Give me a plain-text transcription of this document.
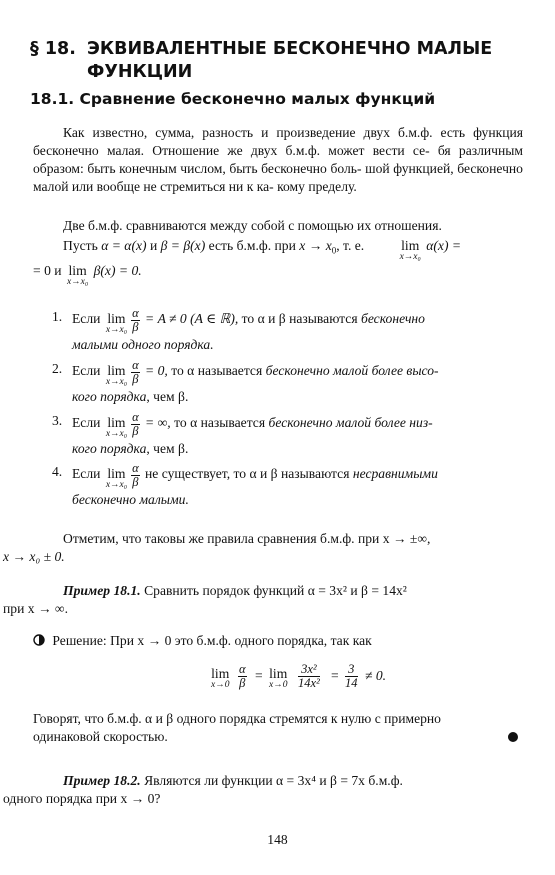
§ 18. ЭКВИВАЛЕНТНЫЕ БЕСКОНЕЧНО МАЛЫЕ
ФУНКЦИИ
18.1. Сравнение бесконечно малых функций
Как известно, сумма, разность и произведение двух б.м.ф. есть функция бесконечно малая. Отношение же двух б.м.ф. может вести се- бя различным образом: быть конечным числом, быть бесконечно боль- шой функцией, бесконечно малой или вообще не стремиться ни к ка- кому пределу.
Две б.м.ф. сравниваются между собой с помощью их отношения.
Пусть α = α(x) и β = β(x) есть б.м.ф. при $x \to x_0$, т. е.	lim
x→x₀
α(x) =
= 0 и lim
x→x₀
β(x) = 0.
1. Если lim
$x\to x_0 \frac{\alpha}{\beta} = A \ne 0$ (A ∈ ℝ), то α и β называются бесконечно
малыми одного порядка.
2. Если lim
$x\to x_0 \frac{\alpha}{\beta} = 0$, то α называется бесконечно малой более высо-
кого порядка, чем β.
3. Если lim
$x\to x_0 \frac{\alpha}{\beta}$ = ∞, то α называется бесконечно малой более низ-
кого порядка, чем β.
4. Если lim
$x\to x_0 \frac{\alpha}{\beta}$ не существует, то α и β называются несравнимыми
бесконечно малыми.
Отметим, что таковы же правила сравнения б.м.ф. при x → ±∞,
x → x₀ ± 0.
Пример 18.1. Сравнить порядок функций α = 3x² и β = 14x²
при x → ∞.
Решение: При x → 0 это б.м.ф. одного порядка, так как
lim
$x\to 0 \frac{\alpha}{\beta} = \lim$
$x\to 0 \frac{\text{3x²}}{\text{14x²}} = \frac{3}{14} \ne 0$.
Говорят, что б.м.ф. α и β одного порядка стремятся к нулю с примерно
одинаковой скоростью.
Пример 18.2. Являются ли функции α = 3x⁴ и β = 7x б.м.ф.
одного порядка при x → 0?
148
